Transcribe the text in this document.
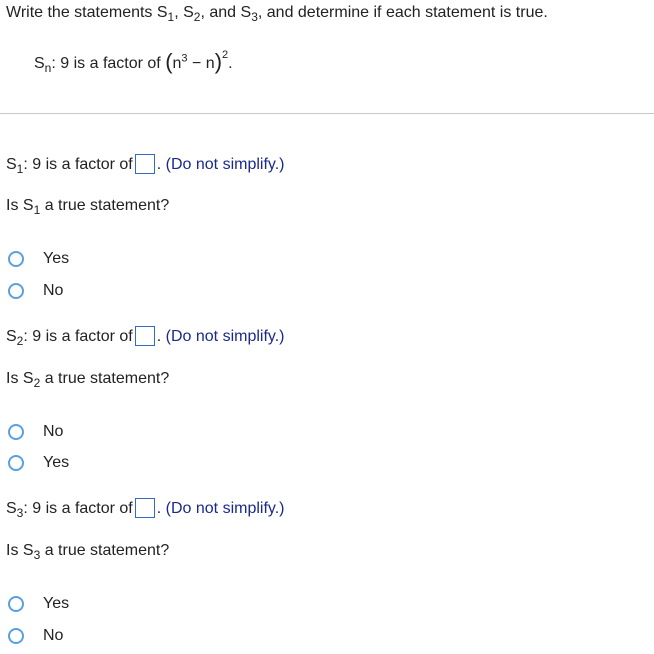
Write the statements $S_1$, $S_2$, and $S_3$, and determine if each statement is true.
$S_n$: 9 is a factor of $(n^3 - n)^2$.
$S_1$: 9 is a factor of . (Do not simplify.)
Is $S_1$ a true statement?
Yes
No
$S_2$: 9 is a factor of . (Do not simplify.)
Is $S_2$ a true statement?
No
Yes
$S_3$: 9 is a factor of . (Do not simplify.)
Is $S_3$ a true statement?
Yes
No
